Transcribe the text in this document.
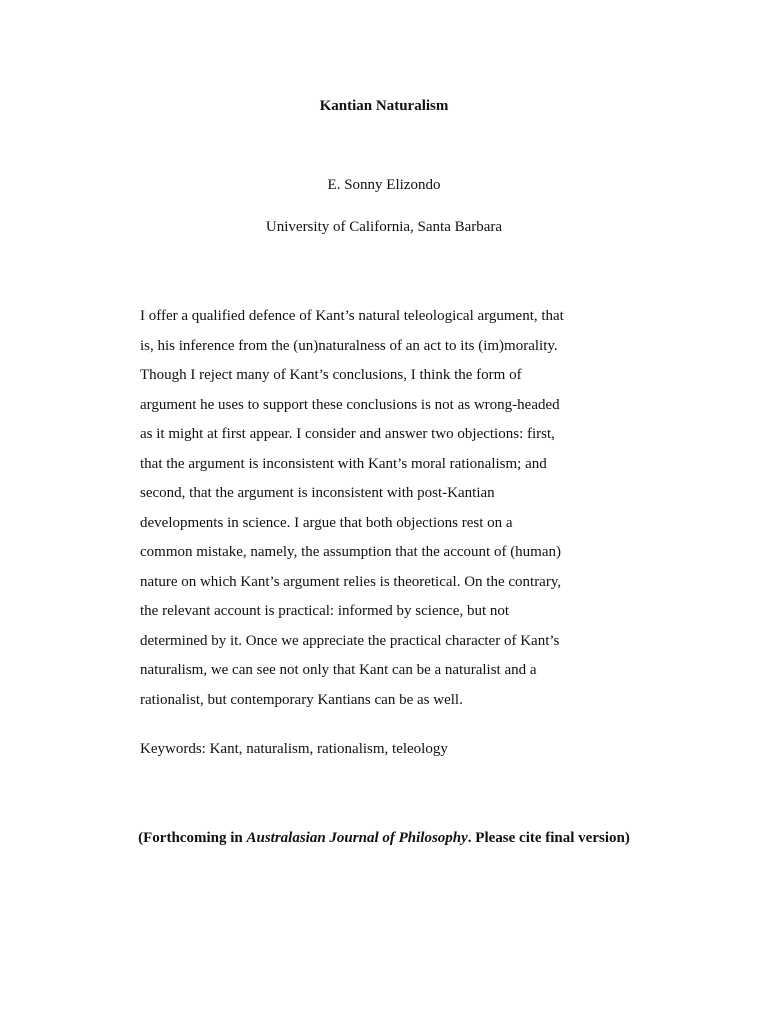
Kantian Naturalism
E. Sonny Elizondo
University of California, Santa Barbara
I offer a qualified defence of Kant’s natural teleological argument, that
is, his inference from the (un)naturalness of an act to its (im)morality.
Though I reject many of Kant’s conclusions, I think the form of
argument he uses to support these conclusions is not as wrong-headed
as it might at first appear. I consider and answer two objections: first,
that the argument is inconsistent with Kant’s moral rationalism; and
second, that the argument is inconsistent with post-Kantian
developments in science. I argue that both objections rest on a
common mistake, namely, the assumption that the account of (human)
nature on which Kant’s argument relies is theoretical. On the contrary,
the relevant account is practical: informed by science, but not
determined by it. Once we appreciate the practical character of Kant’s
naturalism, we can see not only that Kant can be a naturalist and a
rationalist, but contemporary Kantians can be as well.
Keywords: Kant, naturalism, rationalism, teleology
(Forthcoming in Australasian Journal of Philosophy. Please cite final version)
